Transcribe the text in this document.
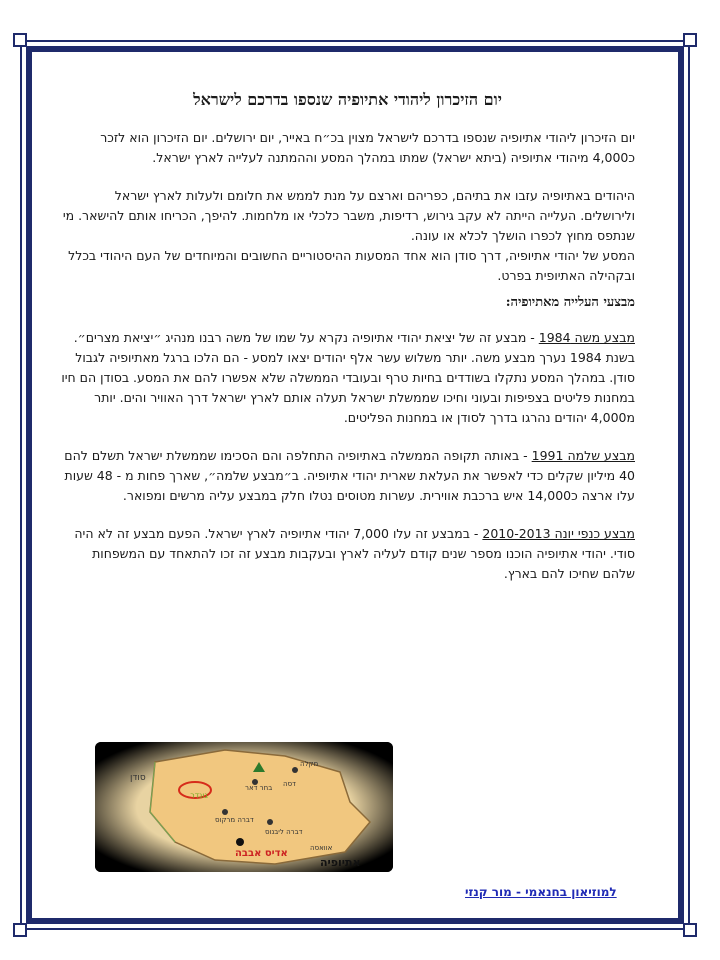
יום הזיכרון ליהודי אתיופיה שנספו בדרכם לישראל

יום הזיכרון ליהודי אתיופיה שנספו בדרכם לישראל מצוין בכ״ח באייר, יום ירושלים. יום הזיכרון הוא לזכר כ4,000 מיהודי אתיופיה (ביתא ישראל) שמתו במהלך המסע וההמתנה לעלייה לארץ ישראל.

היהודים באתיופיה עזבו את בתיהם, כפריהם וארצם על מנת לממש את חלומם ולעלות לארץ ישראל ולירושלים. העלייה הייתה לא עקב גירוש, רדיפות, משבר כלכלי או מלחמות. להיפך, הכריחו אותם להישאר. מי שנתפס מחוץ לכפרו הושלך לכלא או עונה.

המסע של יהודי אתיופיה, דרך סודן הוא אחד המסעות ההיסטוריים החשובים והמיוחדים של העם היהודי בכלל ובקהילה האתיופית בפרט.

מבצעי העלייה מאתיופיה:

מבצע משה 1984 - מבצע זה של יציאת יהודי אתיופיה נקרא על שמו של משה רבנו מנהיג ״יציאת מצרים״. בשנת 1984 נערך מבצע משה. יותר משלוש עשר אלף יהודים יצאו למסע - הם הלכו ברגל מאתיופיה לגבול סודן. במהלך המסע נתקלו בשודדים בחיות טרף ובעובדי הממשלה שלא אפשרו להם את המסע. בסודן הם חיו במחנות פליטים בצפיפות ובעוני וחיכו שממשלת ישראל תעלה אותם לארץ ישראל דרך האוויר והים. יותר מ4,000 יהודים נהרגו בדרך לסודן או במחנות הפליטים.

מבצע שלמה 1991 - באותה תקופה הממשלה באתיופיה התחלפה והם הסכימו שממשלת ישראל תשלם להם 40 מיליון שקלים כדי לאפשר את העלאת שארית יהודי אתיופיה. ב״מבצע שלמה״, שארך פחות מ - 48 שעות עלו ארצה כ14,000 איש ברכבת אווירית. עשרות מטוסים נטלו חלק במבצע עליה מרשים ומפואר.

מבצע כנפי יונה 2010-2013 - במבצע זה עלו 7,000 יהודי אתיופיה לארץ ישראל. הפעם מבצע זה לא היה סודי. יהודי אתיופיה הוכנו מספר שנים קודם לעליה לארץ ובעקבות מבצע זה זכו להתאחד עם המשפחות שלהם שחיכו להם בארץ.

סודן
גונדר
מקלה
דברה מרקוס
דברה ליבנוס
דסה
בחר דאר
אוואסה
אדיס אבבה
אתיופיה
למוזיאון בחנאמי - מור קנזי
